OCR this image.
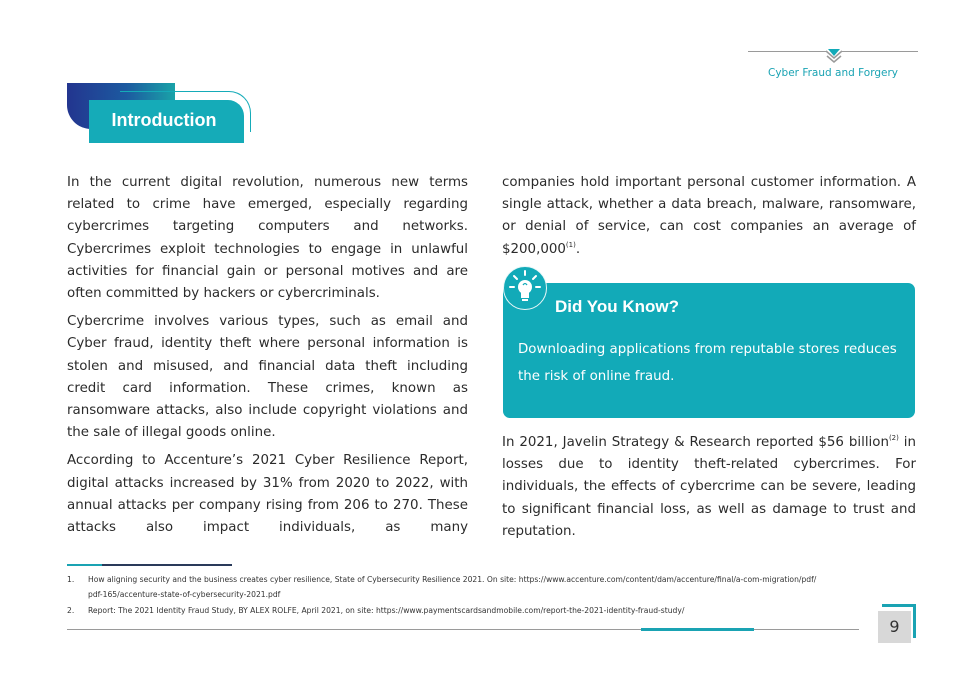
Cyber Fraud and Forgery
Introduction

In the current digital revolution, numerous new terms related to crime have emerged, especially regarding cybercrimes targeting computers and networks. Cybercrimes exploit technologies to engage in unlawful activities for financial gain or personal motives and are often committed by hackers or cybercriminals.

Cybercrime involves various types, such as email and Cyber fraud, identity theft where personal information is stolen and misused, and financial data theft including credit card information. These crimes, known as ransomware attacks, also include copyright violations and the sale of illegal goods online.

According to Accenture’s 2021 Cyber Resilience Report, digital attacks increased by 31% from 2020 to 2022, with annual attacks per company rising from 206 to 270. These attacks also impact individuals, as many

companies hold important personal customer information. A single attack, whether a data breach, malware, ransomware, or denial of service, can cost companies an average of $200,000$^{(1)}$.

Did You Know?
Downloading applications from reputable stores reduces the risk of online fraud.

In 2021, Javelin Strategy & Research reported $56 billion$^{(2)}$ in losses due to identity theft-related cybercrimes. For individuals, the effects of cybercrime can be severe, leading to significant financial loss, as well as damage to trust and reputation.

1. How aligning security and the business creates cyber resilience, State of Cybersecurity Resilience 2021. On site: https://www.accenture.com/content/dam/accenture/final/a-com-migration/pdf/
pdf-165/accenture-state-of-cybersecurity-2021.pdf
2. Report: The 2021 Identity Fraud Study, BY ALEX ROLFE, April 2021, on site: https://www.paymentscardsandmobile.com/report-the-2021-identity-fraud-study/
9
